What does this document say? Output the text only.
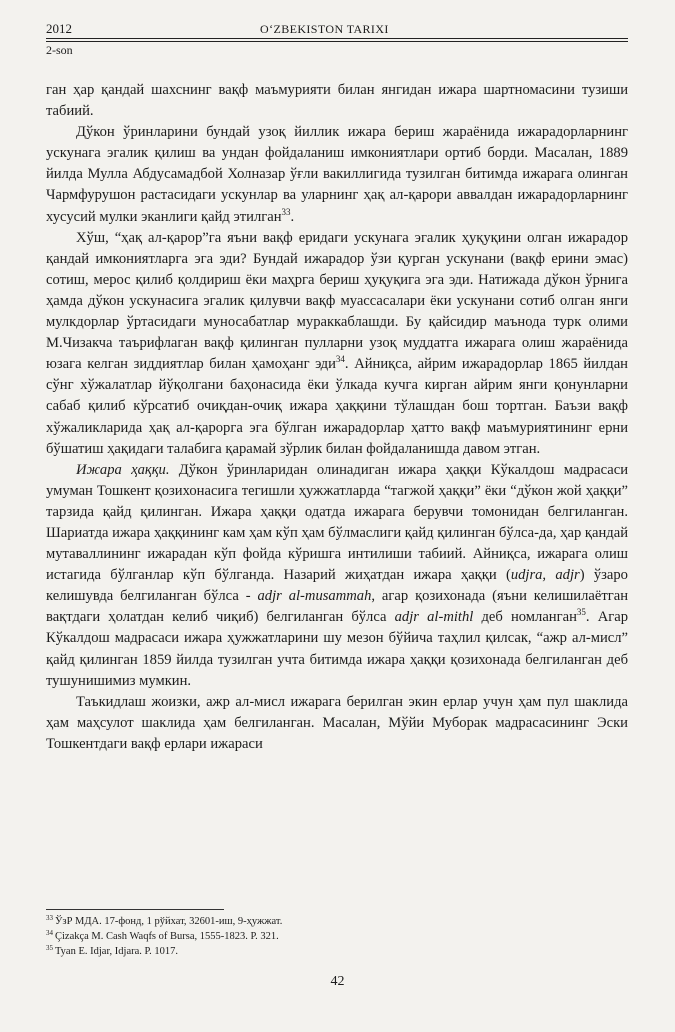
2012	O‘ZBEKISTON TARIXI
2-son

ган ҳар қандай шахснинг вақф маъмурияти билан янгидан ижара шартномасини тузиши табиий.

Дўкон ўринларини бундай узоқ йиллик ижара бериш жараёнида ижарадорларнинг ускунага эгалик қилиш ва ундан фойдаланиш имкониятлари ортиб борди. Масалан, 1889 йилда Мулла Абдусамадбой Холназар ўғли вакиллигида тузилган битимда ижарага олинган Чармфурушон растасидаги ускунлар ва уларнинг ҳақ ал-қарори аввалдан ижарадорларнинг хусусий мулки эканлиги қайд этилган$^{33}$.

Хўш, “ҳақ ал-қарор”га яъни вақф еридаги ускунага эгалик ҳуқуқини олган ижарадор қандай имкониятларга эга эди? Бундай ижарадор ўзи қурган ускунани (вақф ерини эмас) сотиш, мерос қилиб қолдириш ёки маҳрга бериш ҳуқуқига эга эди. Натижада дўкон ўрнига ҳамда дўкон ускунасига эгалик қилувчи вақф муассасалари ёки ускунани сотиб олган янги мулкдорлар ўртасидаги муносабатлар мураккаблашди. Бу қайсидир маънода турк олими М.Чизакча таърифлаган вақф қилинган пулларни узоқ муддатга ижарага олиш жараёнида юзага келган зиддиятлар билан ҳамоҳанг эди$^{34}$. Айниқса, айрим ижарадорлар 1865 йилдан сўнг хўжалатлар йўқолгани баҳонасида ёки ўлкада кучга кирган айрим янги қонунларни сабаб қилиб кўрсатиб очиқдан-очиқ ижара ҳаққини тўлашдан бош тортган. Баъзи вақф хўжаликларида ҳақ ал-қарорга эга бўлган ижарадорлар ҳатто вақф маъмуриятининг ерни бўшатиш ҳақидаги талабига қарамай зўрлик билан фойдаланишда давом этган.

Ижара ҳаққи. Дўкон ўринларидан олинадиган ижара ҳаққи Кўкалдош мадрасаси умуман Тошкент қозихонасига тегишли ҳужжатларда “тагжой ҳаққи” ёки “дўкон жой ҳаққи” тарзида қайд қилинган. Ижара ҳаққи одатда ижарага берувчи томонидан белгиланган. Шариатда ижара ҳаққининг кам ҳам кўп ҳам бўлмаслиги қайд қилинган бўлса-да, ҳар қандай мутаваллининг ижарадан кўп фойда кўришга интилиши табиий. Айниқса, ижарага олиш истагида бўлганлар кўп бўлганда. Назарий жиҳатдан ижара ҳаққи (udjra, adjr) ўзаро келишувда белгиланган бўлса - adjr al-musammah, агар қозихонада (яъни келишилаётган вақтдаги ҳолатдан келиб чиқиб) белгиланган бўлса adjr al-mithl деб номланган$^{35}$. Агар Кўкалдош мадрасаси ижара ҳужжатларини шу мезон бўйича таҳлил қилсак, “ажр ал-мисл” қайд қилинган 1859 йилда тузилган учта битимда ижара ҳаққи қозихонада белгиланган деб тушунишимиз мумкин.

Таъкидлаш жоизки, ажр ал-мисл ижарага берилган экин ерлар учун ҳам пул шаклида ҳам маҳсулот шаклида ҳам белгиланган. Масалан, Мўйи Муборак мадрасасининг Эски Тошкентдаги вақф ерлари ижараси

$^{33}$ ЎзР МДА. 17-фонд, 1 рўйхат, 32601-иш, 9-ҳужжат.
$^{34}$ Çizakça M. Cash Waqfs of Bursa, 1555-1823. P. 321.
$^{35}$ Tyan E. Idjar, Idjara. P. 1017.
42
